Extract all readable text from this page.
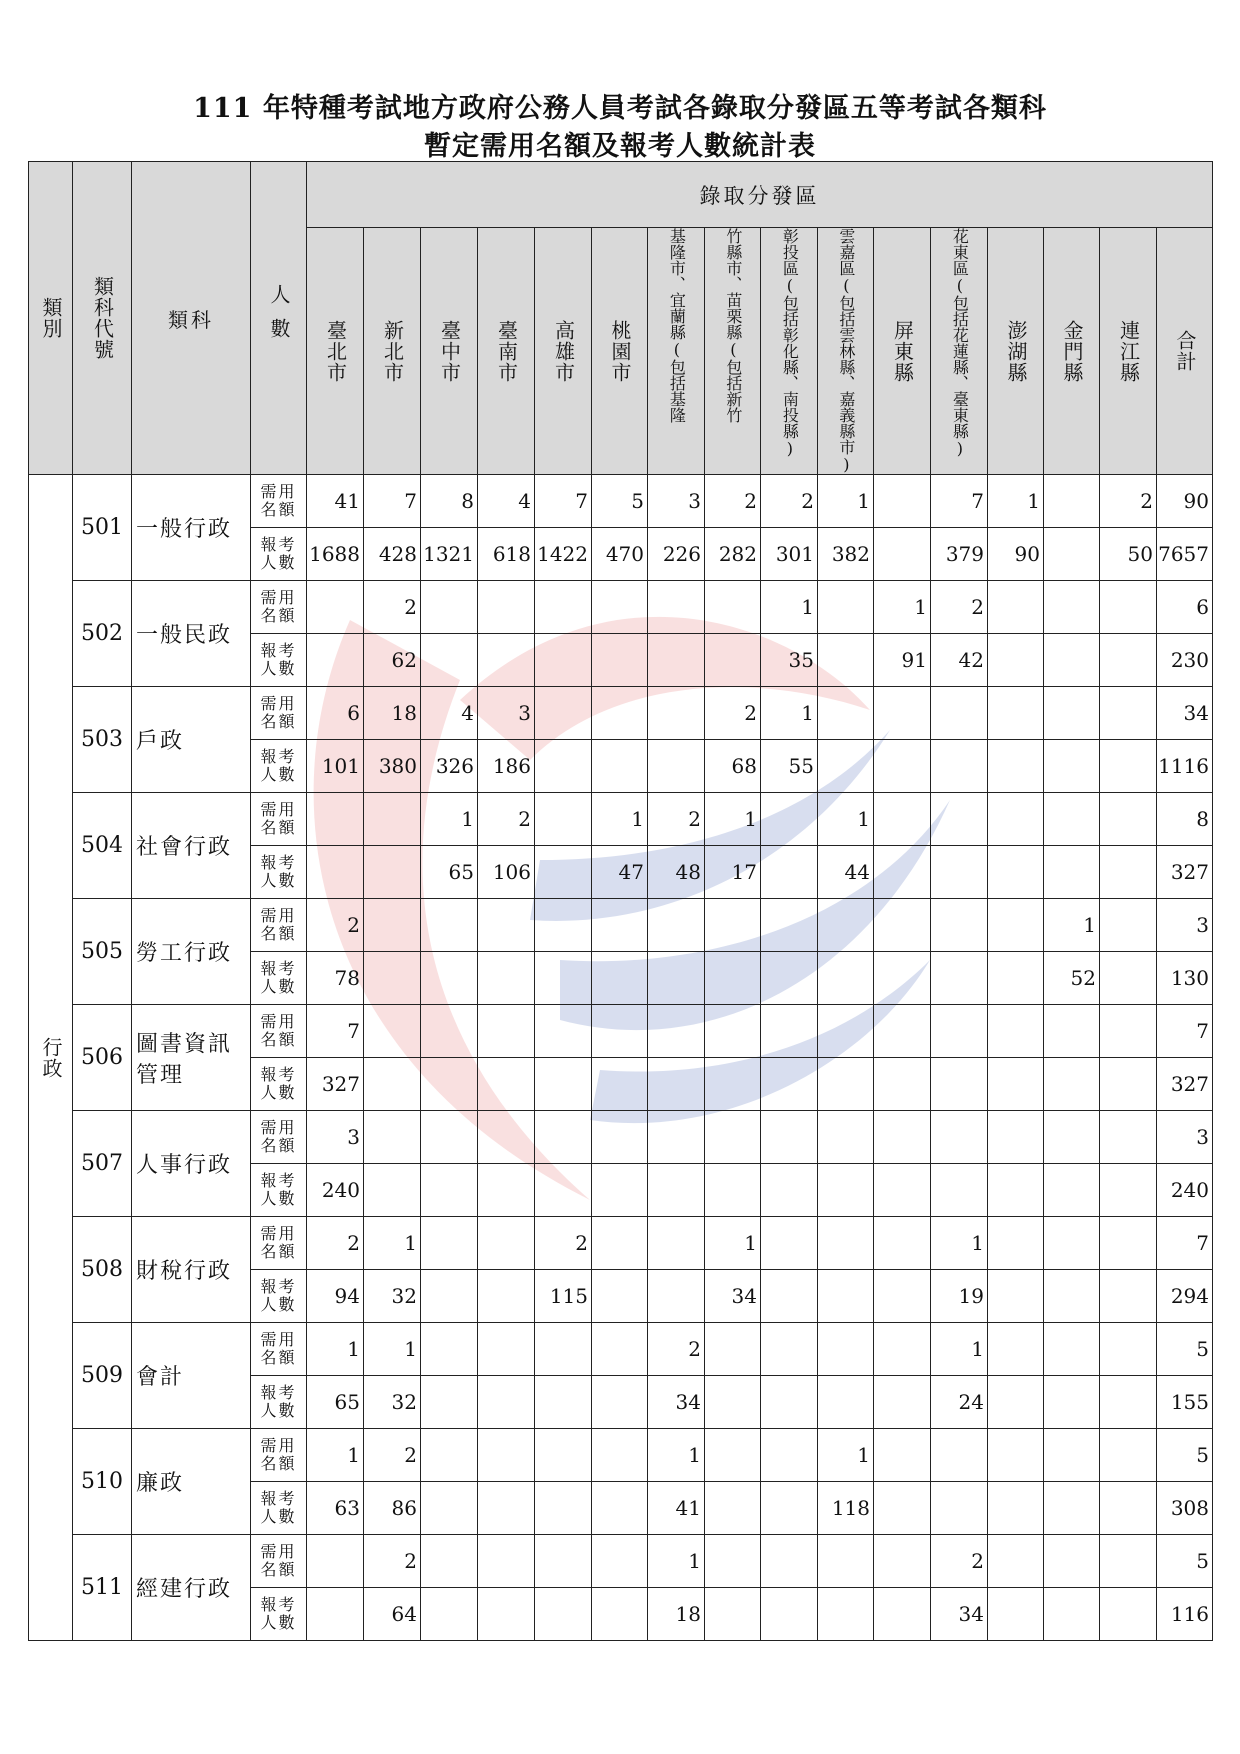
111 年特種考試地方政府公務人員考試各錄取分發區五等考試各類科
暫定需用名額及報考人數統計表
類別	類科代號	類科	人數	錄取分發區															

				臺北市	新北市	臺中市	臺南市	高雄市	桃園市	基隆市、宜蘭縣(包括基隆	竹縣市、苗栗縣(包括新竹	彰投區(包括彰化縣、南投縣)	雲嘉區(包括雲林縣、嘉義縣市)	屏東縣	花東區(包括花蓮縣、臺東縣)	澎湖縣	金門縣	連江縣	合計

行政	501	一般行政	需用名額	41	7	8	4	7	5	3	2	2	1		7	1		2	90

			報考人數	1688	428	1321	618	1422	470	226	282	301	382		379	90		50	7657
	502	一般民政	需用名額		2							1		1	2				6

			報考人數		62							35		91	42				230
	503	戶政	需用名額	6	18	4	3				2	1							34

			報考人數	101	380	326	186				68	55							1116
	504	社會行政	需用名額			1	2		1	2	1		1						8

			報考人數			65	106		47	48	17		44						327
	505	勞工行政	需用名額	2													1		3

			報考人數	78													52		130
	506	圖書資訊管理	需用名額	7															7

			報考人數	327															327
	507	人事行政	需用名額	3															3

			報考人數	240															240
	508	財稅行政	需用名額	2	1			2			1				1				7

			報考人數	94	32			115			34				19				294
	509	會計	需用名額	1	1					2					1				5

			報考人數	65	32					34					24				155
	510	廉政	需用名額	1	2					1			1						5

			報考人數	63	86					41			118						308
	511	經建行政	需用名額		2					1					2				5

			報考人數		64					18					34				116
